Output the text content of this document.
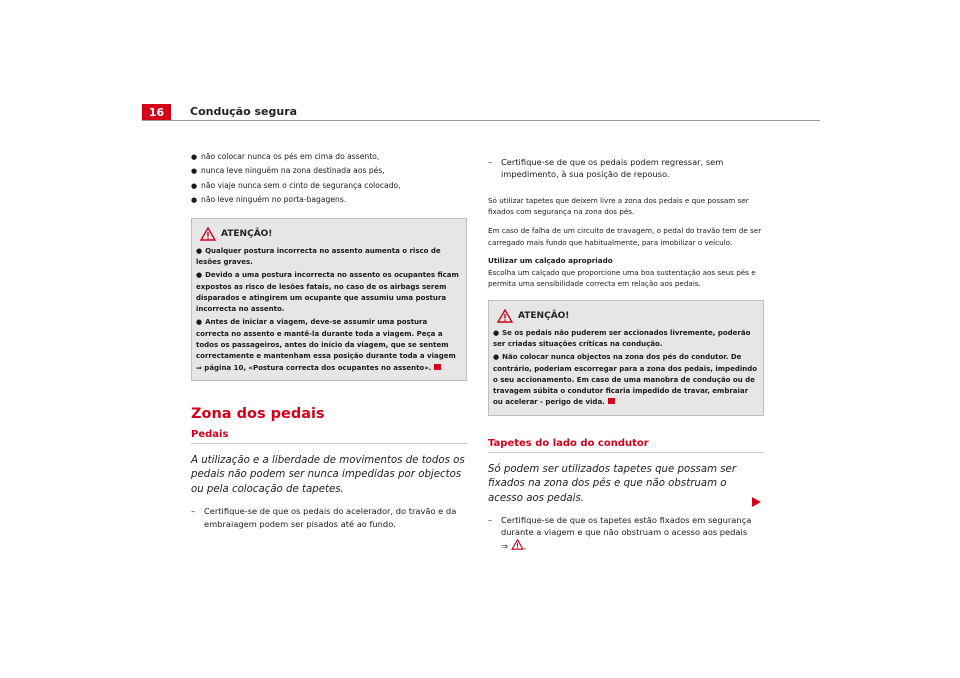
16	Condução segura
● não colocar nunca os pés em cima do assento,
● nunca leve ninguém na zona destinada aos pés,
● não viaje nunca sem o cinto de segurança colocado,
● não leve ninguém no porta-bagagens.
ATENÇÃO!
● Qualquer postura incorrecta no assento aumenta o risco de lesões graves.
● Devido a uma postura incorrecta no assento os ocupantes ficam expostos as risco de lesões fatais, no caso de os airbags serem disparados e atingirem um ocupante que assumiu uma postura incorrecta no assento.
● Antes de iniciar a viagem, deve-se assumir uma postura correcta no assento e mantê-la durante toda a viagem. Peça a todos os passageiros, antes do início da viagem, que se sentem correctamente e mantenham essa posição durante toda a viagem ⇒ página 10, «Postura correcta dos ocupantes no assento».
Zona dos pedais
Pedais
A utilização e a liberdade de movimentos de todos os pedais não podem ser nunca impedidas por objectos ou pela colocação de tapetes.
– Certifique-se de que os pedais do acelerador, do travão e da embraiagem podem ser pisados até ao fundo.
– Certifique-se de que os pedais podem regressar, sem impedimento, à sua posição de repouso.

Só utilizar tapetes que deixem livre a zona dos pedais e que possam ser fixados com segurança na zona dos pés.

Em caso de falha de um circuito de travagem, o pedal do travão tem de ser carregado mais fundo que habitualmente, para imobilizar o veículo.

Utilizar um calçado apropriado

Escolha um calçado que proporcione uma boa sustentação aos seus pés e permita uma sensibilidade correcta em relação aos pedais.

ATENÇÃO!
● Se os pedais não puderem ser accionados livremente, poderão ser criadas situações críticas na condução.
● Não colocar nunca objectos na zona dos pés do condutor. De contrário, poderiam escorregar para a zona dos pedais, impedindo o seu accionamento. Em caso de uma manobra de condução ou de travagem súbita o condutor ficaria impedido de travar, embraiar ou acelerar - perigo de vida.
Tapetes do lado do condutor
Só podem ser utilizados tapetes que possam ser fixados na zona dos pés e que não obstruam o acesso aos pedais.
– Certifique-se de que os tapetes estão fixados em segurança durante a viagem e que não obstruam o acesso aos pedais
⇒ .
